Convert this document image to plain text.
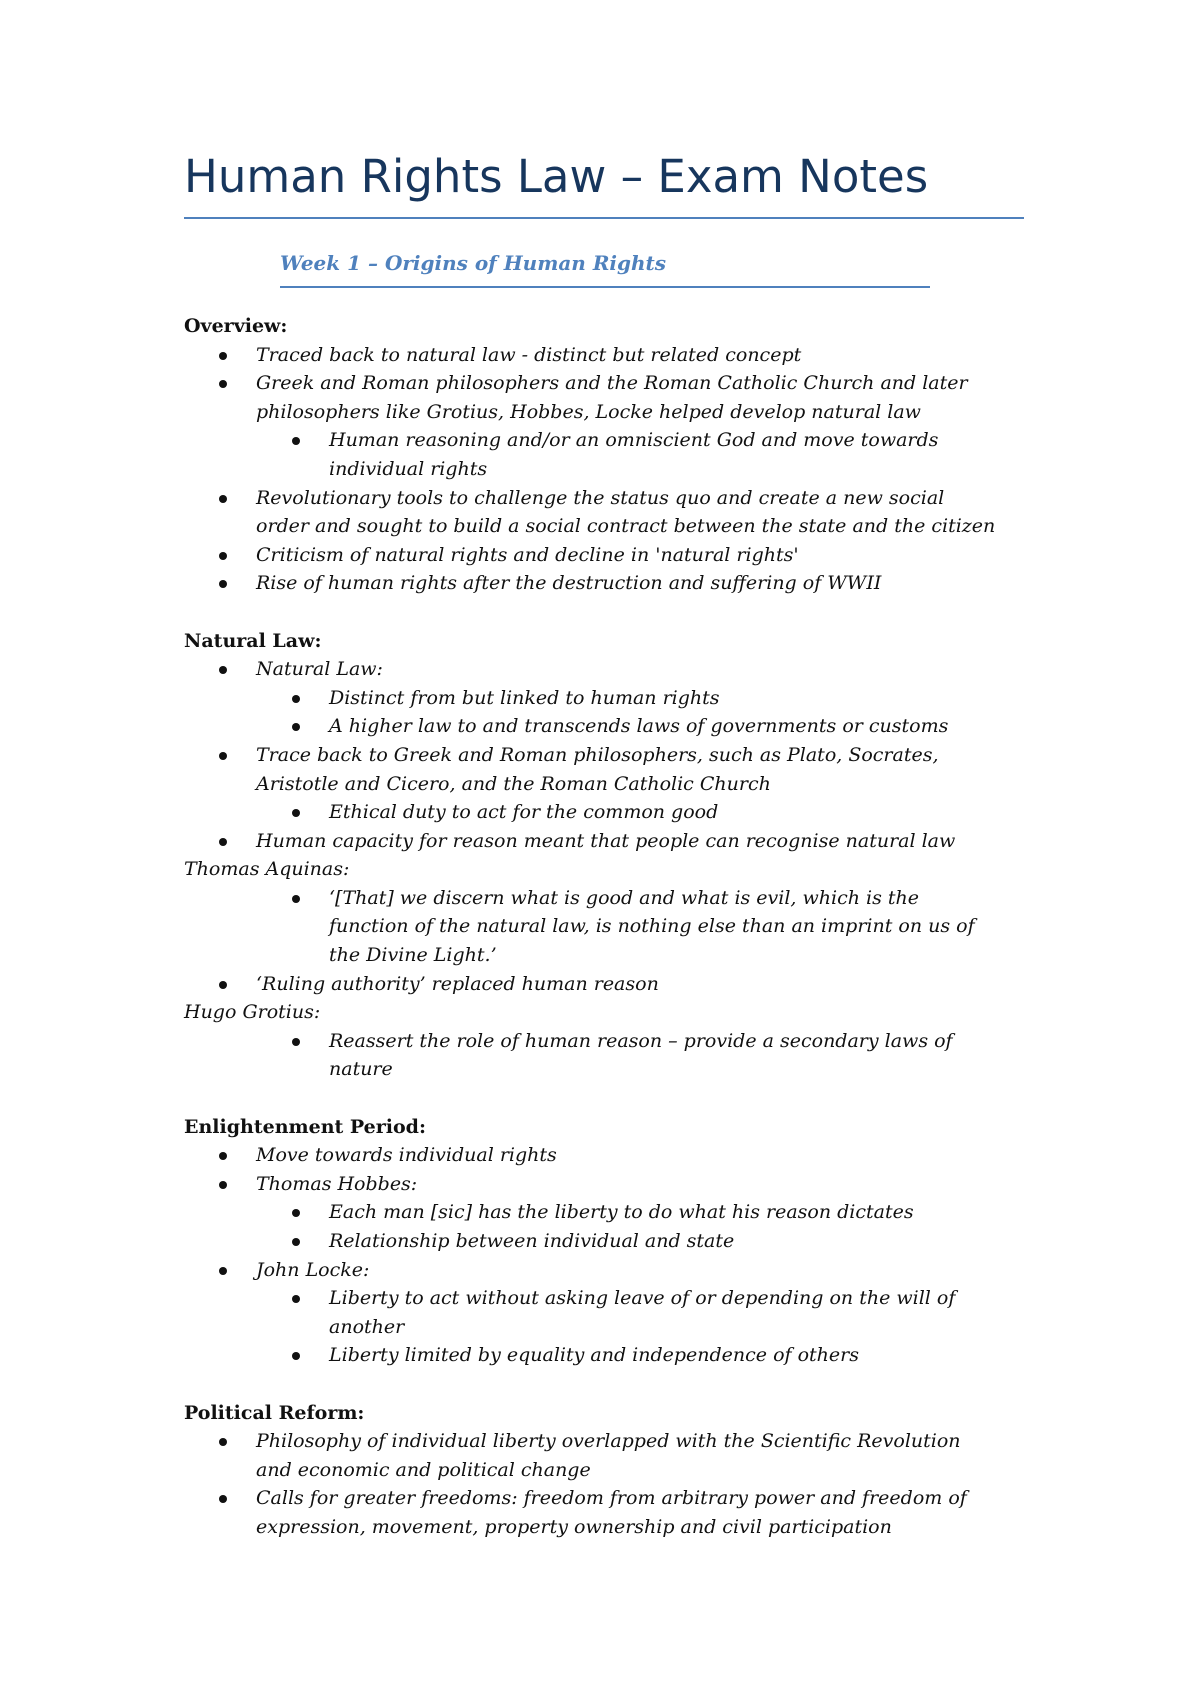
Human Rights Law – Exam Notes
Week 1 – Origins of Human Rights
Overview:
Traced back to natural law - distinct but related concept
Greek and Roman philosophers and the Roman Catholic Church and later
philosophers like Grotius, Hobbes, Locke helped develop natural law
Human reasoning and/or an omniscient God and move towards
individual rights
Revolutionary tools to challenge the status quo and create a new social
order and sought to build a social contract between the state and the citizen
Criticism of natural rights and decline in 'natural rights'
Rise of human rights after the destruction and suffering of WWII
Natural Law:
Natural Law:
Distinct from but linked to human rights
A higher law to and transcends laws of governments or customs
Trace back to Greek and Roman philosophers, such as Plato, Socrates,
Aristotle and Cicero, and the Roman Catholic Church
Ethical duty to act for the common good
Human capacity for reason meant that people can recognise natural law
Thomas Aquinas:
‘[That] we discern what is good and what is evil, which is the
function of the natural law, is nothing else than an imprint on us of
the Divine Light.’
‘Ruling authority’ replaced human reason
Hugo Grotius:
Reassert the role of human reason – provide a secondary laws of
nature
Enlightenment Period:
Move towards individual rights
Thomas Hobbes:
Each man [sic] has the liberty to do what his reason dictates
Relationship between individual and state
John Locke:
Liberty to act without asking leave of or depending on the will of
another
Liberty limited by equality and independence of others
Political Reform:
Philosophy of individual liberty overlapped with the Scientific Revolution
and economic and political change
Calls for greater freedoms: freedom from arbitrary power and freedom of
expression, movement, property ownership and civil participation
